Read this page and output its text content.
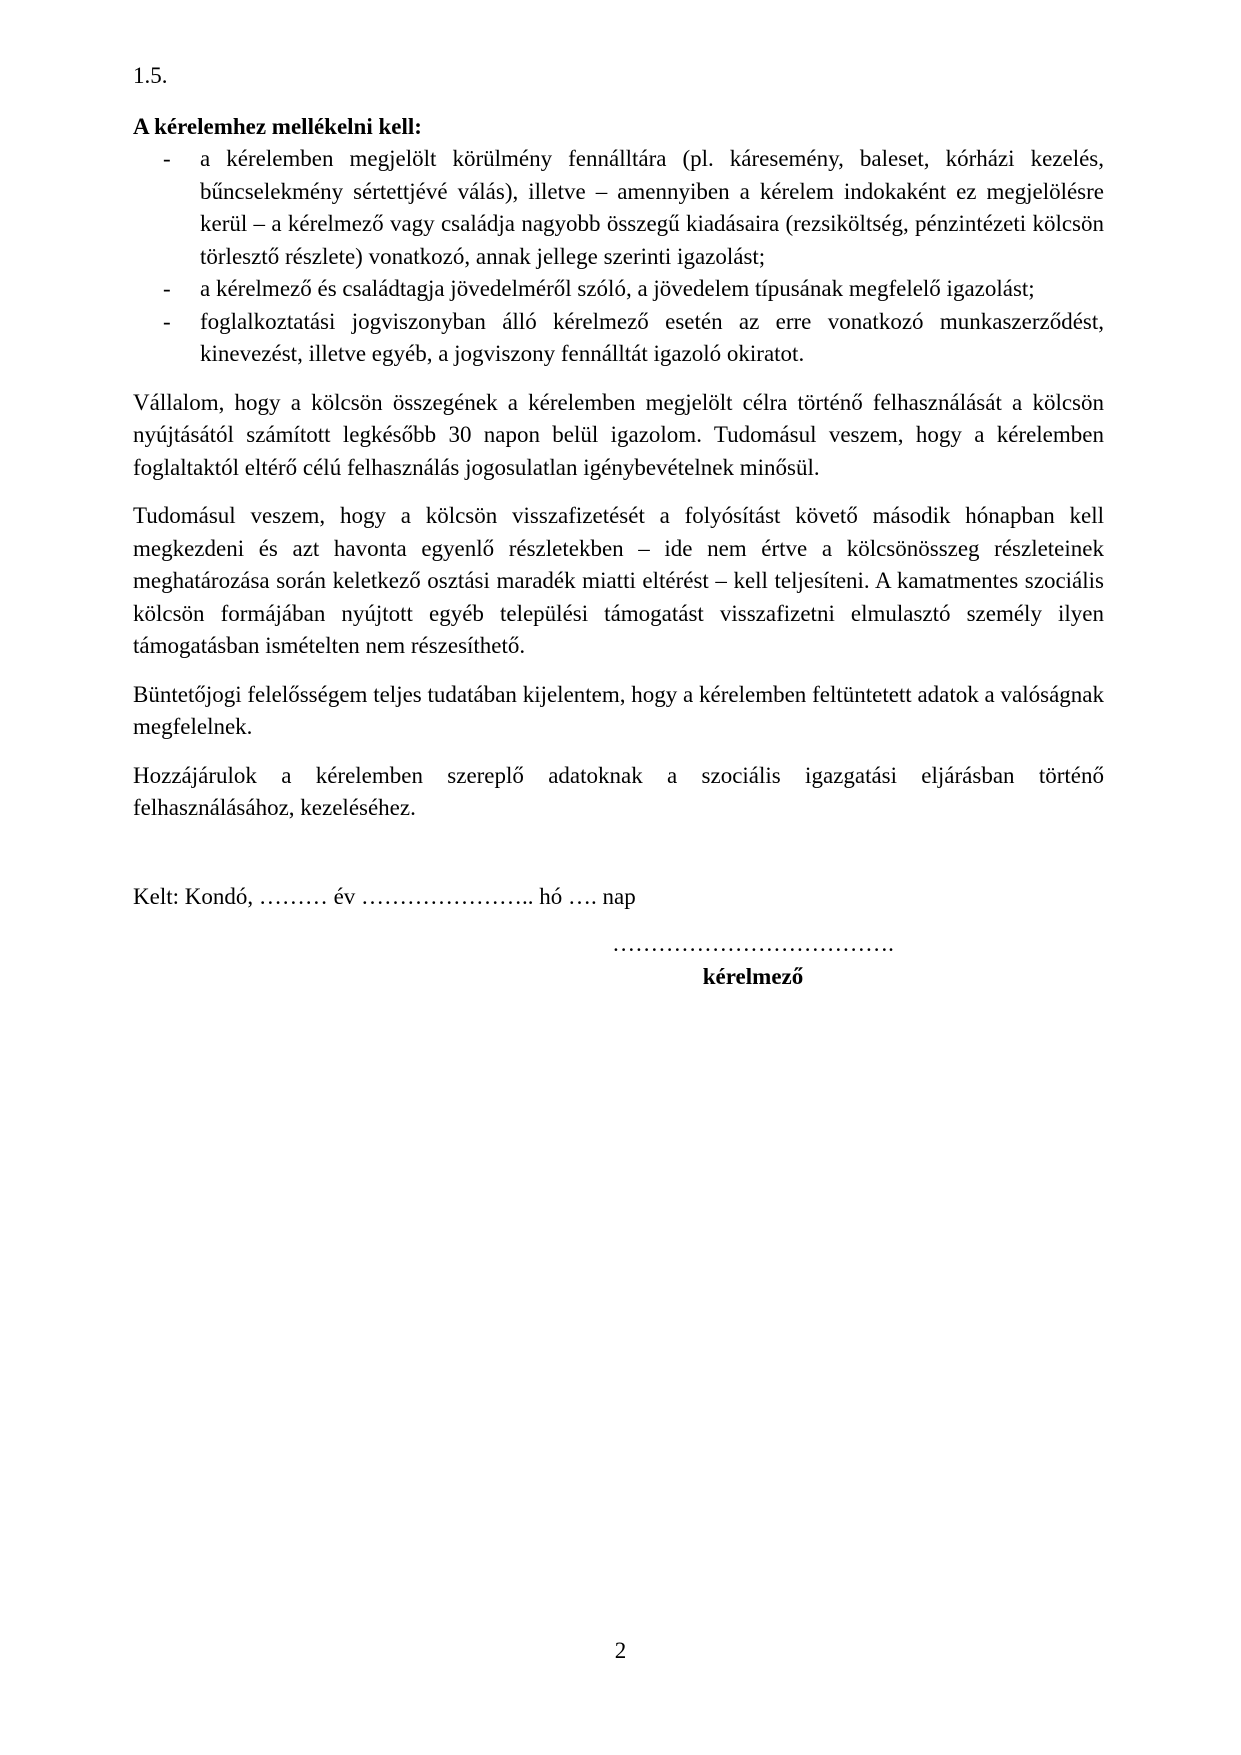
1.5.
A kérelemhez mellékelni kell:
-	a kérelemben megjelölt körülmény fennálltára (pl. káresemény, baleset, kórházi kezelés, bűncselekmény sértettjévé válás), illetve – amennyiben a kérelem indokaként ez megjelölésre kerül – a kérelmező vagy családja nagyobb összegű kiadásaira (rezsiköltség, pénzintézeti kölcsön törlesztő részlete) vonatkozó, annak jellege szerinti igazolást;
-	a kérelmező és családtagja jövedelméről szóló, a jövedelem típusának megfelelő igazolást;
-	foglalkoztatási jogviszonyban álló kérelmező esetén az erre vonatkozó munkaszerződést, kinevezést, illetve egyéb, a jogviszony fennálltát igazoló okiratot.
Vállalom, hogy a kölcsön összegének a kérelemben megjelölt célra történő felhasználását a kölcsön nyújtásától számított legkésőbb 30 napon belül igazolom. Tudomásul veszem, hogy a kérelemben foglaltaktól eltérő célú felhasználás jogosulatlan igénybevételnek minősül.
Tudomásul veszem, hogy a kölcsön visszafizetését a folyósítást követő második hónapban kell megkezdeni és azt havonta egyenlő részletekben – ide nem értve a kölcsönösszeg részleteinek meghatározása során keletkező osztási maradék miatti eltérést – kell teljesíteni. A kamatmentes szociális kölcsön formájában nyújtott egyéb települési támogatást visszafizetni elmulasztó személy ilyen támogatásban ismételten nem részesíthető.
Büntetőjogi felelősségem teljes tudatában kijelentem, hogy a kérelemben feltüntetett adatok a valóságnak megfelelnek.
Hozzájárulok a kérelemben szereplő adatoknak a szociális igazgatási eljárásban történő felhasználásához, kezeléséhez.
Kelt: Kondó, ……… év ………………….. hó …. nap
……………………………….
kérelmező
2
